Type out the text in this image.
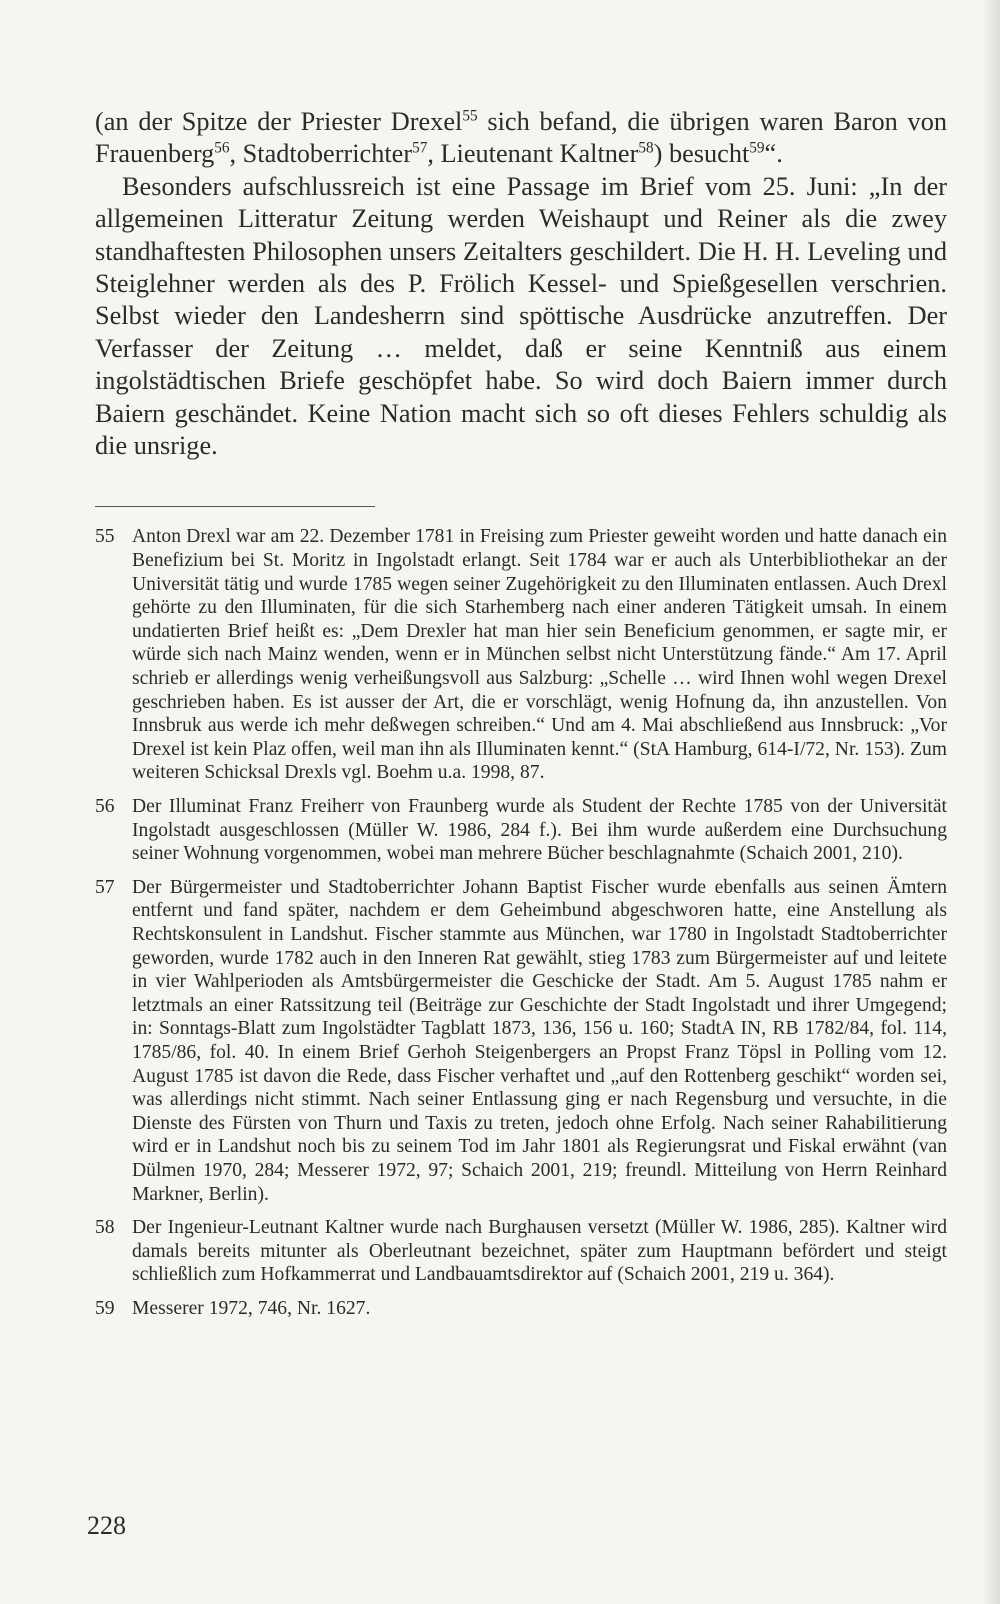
(an der Spitze der Priester Drexel$^{55}$ sich befand, die übrigen waren Baron von Frauenberg$^{56}$, Stadtoberrichter$^{57}$, Lieutenant Kaltner$^{58}$) besucht$^{59}$“.

Besonders aufschlussreich ist eine Passage im Brief vom 25. Juni: „In der allgemeinen Litteratur Zeitung werden Weishaupt und Reiner als die zwey standhaftesten Philosophen unsers Zeitalters geschildert. Die H. H. Leveling und Steiglehner werden als des P. Frölich Kessel- und Spießgesellen verschrien. Selbst wieder den Landesherrn sind spöttische Ausdrücke anzutreffen. Der Verfasser der Zeitung … meldet, daß er seine Kenntniß aus einem ingolstädtischen Briefe geschöpfet habe. So wird doch Baiern immer durch Baiern geschändet. Keine Nation macht sich so oft dieses Fehlers schuldig als die unsrige.

55 Anton Drexl war am 22. Dezember 1781 in Freising zum Priester geweiht worden und hatte danach ein Benefizium bei St. Moritz in Ingolstadt erlangt. Seit 1784 war er auch als Unterbibliothekar an der Universität tätig und wurde 1785 wegen seiner Zugehörigkeit zu den Illuminaten entlassen. Auch Drexl gehörte zu den Illuminaten, für die sich Starhemberg nach einer anderen Tätigkeit umsah. In einem undatierten Brief heißt es: „Dem Drexler hat man hier sein Beneficium genommen, er sagte mir, er würde sich nach Mainz wenden, wenn er in München selbst nicht Unterstützung fände.“ Am 17. April schrieb er allerdings wenig verheißungsvoll aus Salzburg: „Schelle … wird Ihnen wohl wegen Drexel geschrieben haben. Es ist ausser der Art, die er vorschlägt, wenig Hofnung da, ihn anzustellen. Von Innsbruk aus werde ich mehr deßwegen schreiben.“ Und am 4. Mai abschließend aus Innsbruck: „Vor Drexel ist kein Plaz offen, weil man ihn als Illuminaten kennt.“ (StA Hamburg, 614-I/72, Nr. 153). Zum weiteren Schicksal Drexls vgl. Boehm u.a. 1998, 87.
56 Der Illuminat Franz Freiherr von Fraunberg wurde als Student der Rechte 1785 von der Universität Ingolstadt ausgeschlossen (Müller W. 1986, 284 f.). Bei ihm wurde außerdem eine Durchsuchung seiner Wohnung vorgenommen, wobei man mehrere Bücher beschlagnahmte (Schaich 2001, 210).
57 Der Bürgermeister und Stadtoberrichter Johann Baptist Fischer wurde ebenfalls aus seinen Ämtern entfernt und fand später, nachdem er dem Geheimbund abgeschworen hatte, eine Anstellung als Rechtskonsulent in Landshut. Fischer stammte aus München, war 1780 in Ingolstadt Stadtoberrichter geworden, wurde 1782 auch in den Inneren Rat gewählt, stieg 1783 zum Bürgermeister auf und leitete in vier Wahlperioden als Amtsbürgermeister die Geschicke der Stadt. Am 5. August 1785 nahm er letztmals an einer Ratssitzung teil (Beiträge zur Geschichte der Stadt Ingolstadt und ihrer Umgegend; in: Sonntags-Blatt zum Ingolstädter Tagblatt 1873, 136, 156 u. 160; StadtA IN, RB 1782/84, fol. 114, 1785/86, fol. 40. In einem Brief Gerhoh Steigenbergers an Propst Franz Töpsl in Polling vom 12. August 1785 ist davon die Rede, dass Fischer verhaftet und „auf den Rottenberg geschikt“ worden sei, was allerdings nicht stimmt. Nach seiner Entlassung ging er nach Regensburg und versuchte, in die Dienste des Fürsten von Thurn und Taxis zu treten, jedoch ohne Erfolg. Nach seiner Rahabilitierung wird er in Landshut noch bis zu seinem Tod im Jahr 1801 als Regierungsrat und Fiskal erwähnt (van Dülmen 1970, 284; Messerer 1972, 97; Schaich 2001, 219; freundl. Mitteilung von Herrn Reinhard Markner, Berlin).
58 Der Ingenieur-Leutnant Kaltner wurde nach Burghausen versetzt (Müller W. 1986, 285). Kaltner wird damals bereits mitunter als Oberleutnant bezeichnet, später zum Hauptmann befördert und steigt schließlich zum Hofkammerrat und Landbauamtsdirektor auf (Schaich 2001, 219 u. 364).
59 Messerer 1972, 746, Nr. 1627.
228
